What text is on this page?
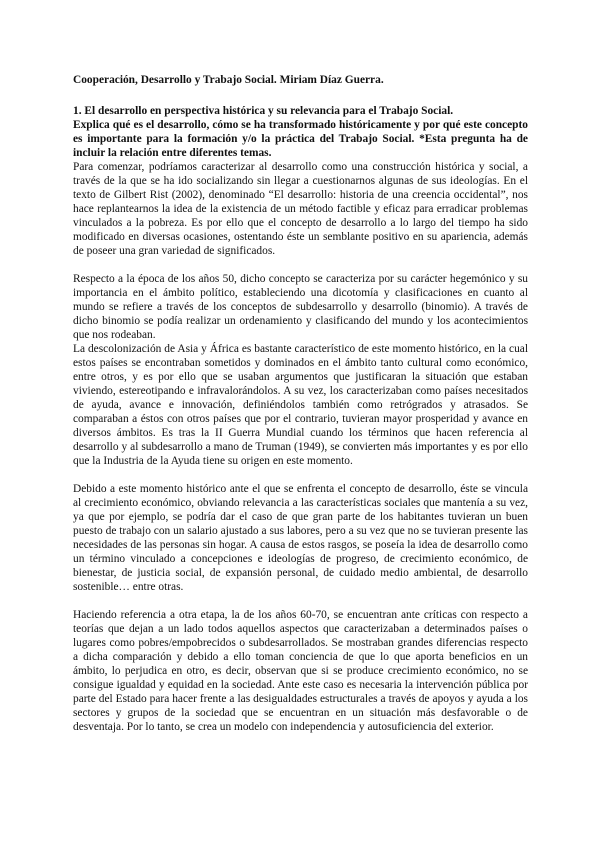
Cooperación, Desarrollo y Trabajo Social. Miriam Díaz Guerra.

1. El desarrollo en perspectiva histórica y su relevancia para el Trabajo Social.

Explica qué es el desarrollo, cómo se ha transformado históricamente y por qué este concepto es importante para la formación y/o la práctica del Trabajo Social. *Esta pregunta ha de incluir la relación entre diferentes temas.

Para comenzar, podríamos caracterizar al desarrollo como una construcción histórica y social, a través de la que se ha ido socializando sin llegar a cuestionarnos algunas de sus ideologías. En el texto de Gilbert Rist (2002), denominado “El desarrollo: historia de una creencia occidental”, nos hace replantearnos la idea de la existencia de un método factible y eficaz para erradicar problemas vinculados a la pobreza. Es por ello que el concepto de desarrollo a lo largo del tiempo ha sido modificado en diversas ocasiones, ostentando éste un semblante positivo en su apariencia, además de poseer una gran variedad de significados.

Respecto a la época de los años 50, dicho concepto se caracteriza por su carácter hegemónico y su importancia en el ámbito político, estableciendo una dicotomía y clasificaciones en cuanto al mundo se refiere a través de los conceptos de subdesarrollo y desarrollo (binomio). A través de dicho binomio se podía realizar un ordenamiento y clasificando del mundo y los acontecimientos que nos rodeaban.

La descolonización de Asia y África es bastante característico de este momento histórico, en la cual estos países se encontraban sometidos y dominados en el ámbito tanto cultural como económico, entre otros, y es por ello que se usaban argumentos que justificaran la situación que estaban viviendo, estereotipando e infravalorándolos. A su vez, los caracterizaban como países necesitados de ayuda, avance e innovación, definiéndolos también como retrógrados y atrasados. Se comparaban a éstos con otros países que por el contrario, tuvieran mayor prosperidad y avance en diversos ámbitos. Es tras la II Guerra Mundial cuando los términos que hacen referencia al desarrollo y al subdesarrollo a mano de Truman (1949), se convierten más importantes y es por ello que la Industria de la Ayuda tiene su origen en este momento.

Debido a este momento histórico ante el que se enfrenta el concepto de desarrollo, éste se vincula al crecimiento económico, obviando relevancia a las características sociales que mantenía a su vez, ya que por ejemplo, se podría dar el caso de que gran parte de los habitantes tuvieran un buen puesto de trabajo con un salario ajustado a sus labores, pero a su vez que no se tuvieran presente las necesidades de las personas sin hogar. A causa de estos rasgos, se poseía la idea de desarrollo como un término vinculado a concepciones e ideologías de progreso, de crecimiento económico, de bienestar, de justicia social, de expansión personal, de cuidado medio ambiental, de desarrollo sostenible… entre otras.

Haciendo referencia a otra etapa, la de los años 60-70, se encuentran ante críticas con respecto a teorías que dejan a un lado todos aquellos aspectos que caracterizaban a determinados países o lugares como pobres/empobrecidos o subdesarrollados. Se mostraban grandes diferencias respecto a dicha comparación y debido a ello toman conciencia de que lo que aporta beneficios en un ámbito, lo perjudica en otro, es decir, observan que si se produce crecimiento económico, no se consigue igualdad y equidad en la sociedad. Ante este caso es necesaria la intervención pública por parte del Estado para hacer frente a las desigualdades estructurales a través de apoyos y ayuda a los sectores y grupos de la sociedad que se encuentran en un situación más desfavorable o de desventaja. Por lo tanto, se crea un modelo con independencia y autosuficiencia del exterior.
